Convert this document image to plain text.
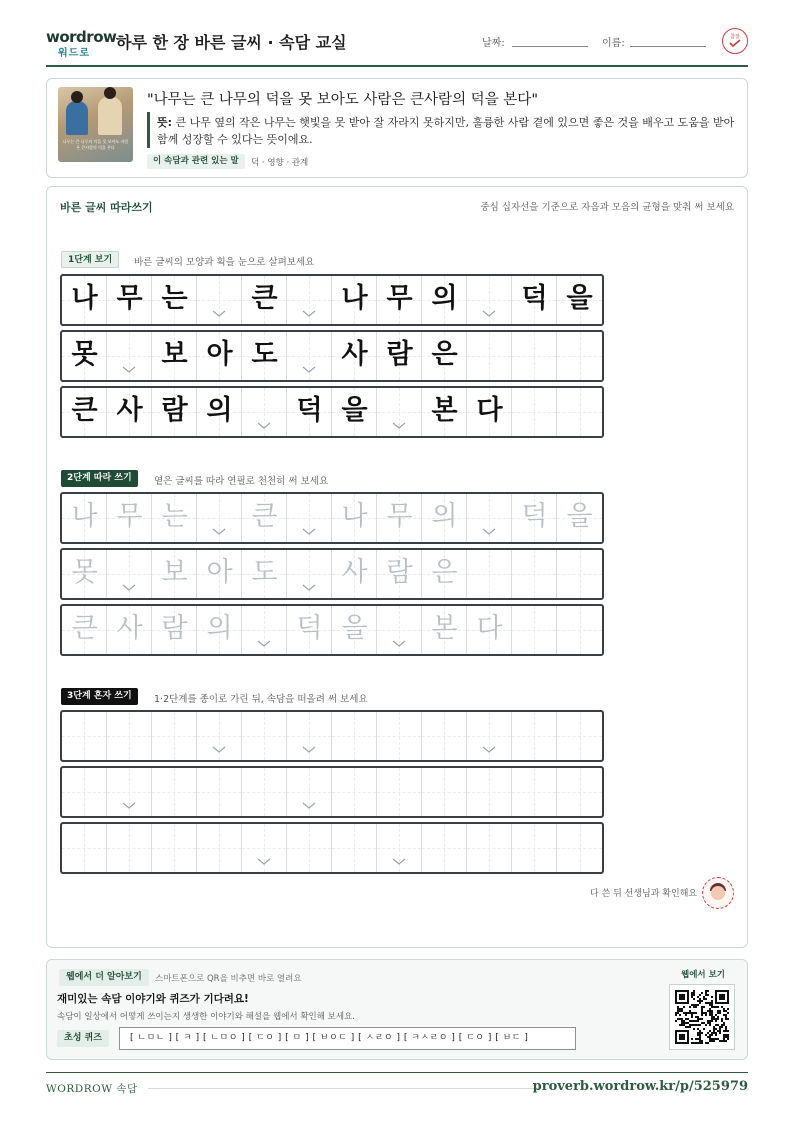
wordrow
워드로
하루 한 장 바른 글씨 · 속담 교실	날짜:	이름:
참잘
나무는 큰 나무의 덕을 못 보아도 사람은 큰사람의 덕을 본다
"나무는 큰 나무의 덕을 못 보아도 사람은 큰사람의 덕을 본다"
뜻: 큰 나무 옆의 작은 나무는 햇빛을 못 받아 잘 자라지 못하지만, 훌륭한 사람 곁에 있으면 좋은 것을 배우고 도움을 받아 함께 성장할 수 있다는 뜻이에요.
이 속담과 관련 있는 말	덕 · 영향 · 관계
바른 글씨 따라쓰기	중심 십자선을 기준으로 자음과 모음의 균형을 맞춰 써 보세요
1단계 보기	바른 글씨의 모양과 획을 눈으로 살펴보세요
2단계 따라 쓰기	옅은 글씨를 따라 연필로 천천히 써 보세요
3단계 혼자 쓰기	1·2단계를 종이로 가린 뒤, 속담을 떠올려 써 보세요
나 무 는	큰	나 무 의	덕 을
못	보 아 도	사 람 은
큰 사 람 의	덕 을	본 다
나 무 는	큰	나 무 의	덕 을
못	보 아 도	사 람 은
큰 사 람 의	덕 을	본 다
다 쓴 뒤 선생님과 확인해요
웹에서 더 알아보기	스마트폰으로 QR을 비추면 바로 열려요
재미있는 속담 이야기와 퀴즈가 기다려요!
속담이 일상에서 어떻게 쓰이는지 생생한 이야기와 해설을 웹에서 확인해 보세요.
초성 퀴즈	[ ㄴㅁㄴ ] [ ㅋ ] [ ㄴㅁㅇ ] [ ㄷㅇ ] [ ㅁ ] [ ㅂㅇㄷ ] [ ㅅㄹㅇ ] [ ㅋㅅㄹㅇ ] [ ㄷㅇ ] [ ㅂㄷ ]
웹에서 보기
WORDROW 속담	proverb.wordrow.kr/p/525979
